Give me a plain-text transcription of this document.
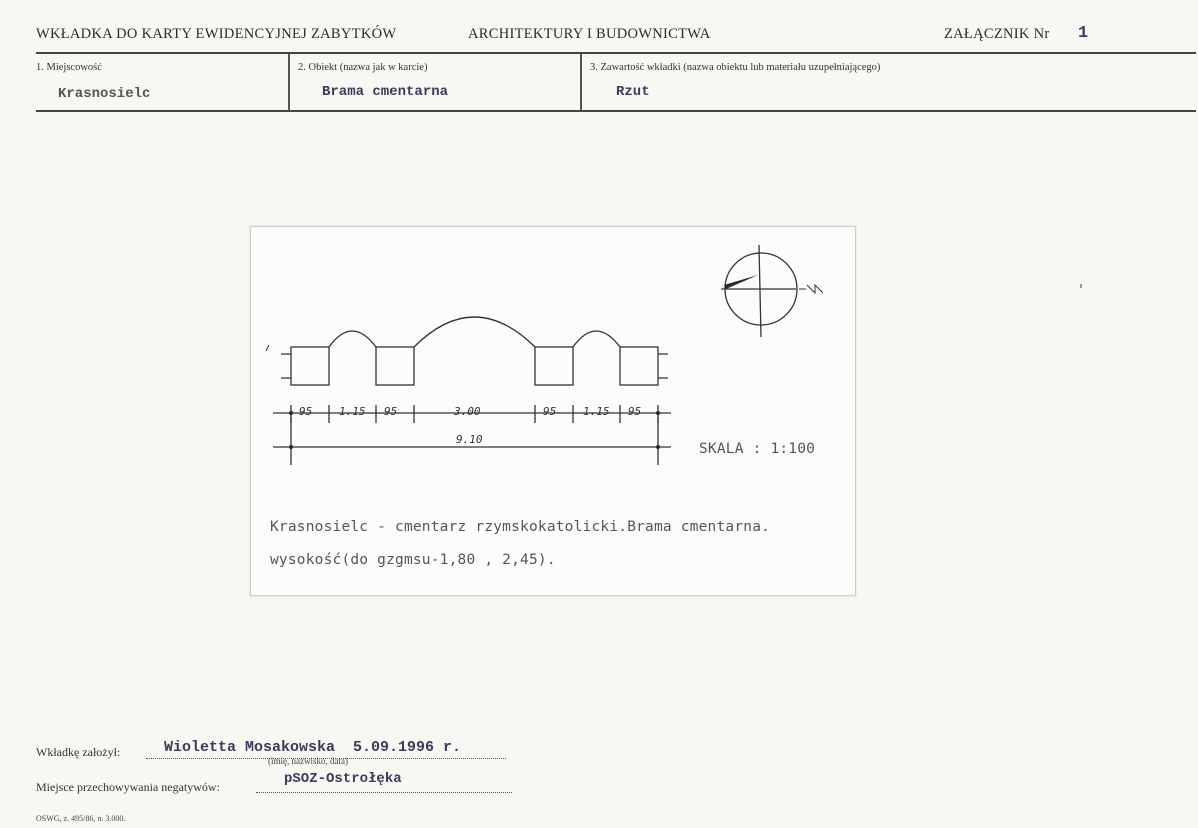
WKŁADKA DO KARTY EWIDENCYJNEJ ZABYTKÓW	ARCHITEKTURY I BUDOWNICTWA	ZAŁĄCZNIK Nr 1
1. Miejscowość
Krasnosielc
2. Obiekt (nazwa jak w karcie)
Brama cmentarna
3. Zawartość wkładki (nazwa obiektu lub materiału uzupełniającego)
Rzut
95 1.15 95	3.00	95 1.15 95
9.10
N
SKALA : 1:100
Krasnosielc - cmentarz rzymskokatolicki.Brama cmentarna.
wysokość(do gzgmsu-1,80 , 2,45).
Wkładkę założył:	Wioletta Mosakowska  5.09.1996 r.
(imię, nazwisko, data)
Miejsce przechowywania negatywów:	pSOZ-Ostrołęka
OSWG, z. 495/86, n. 3.000.
